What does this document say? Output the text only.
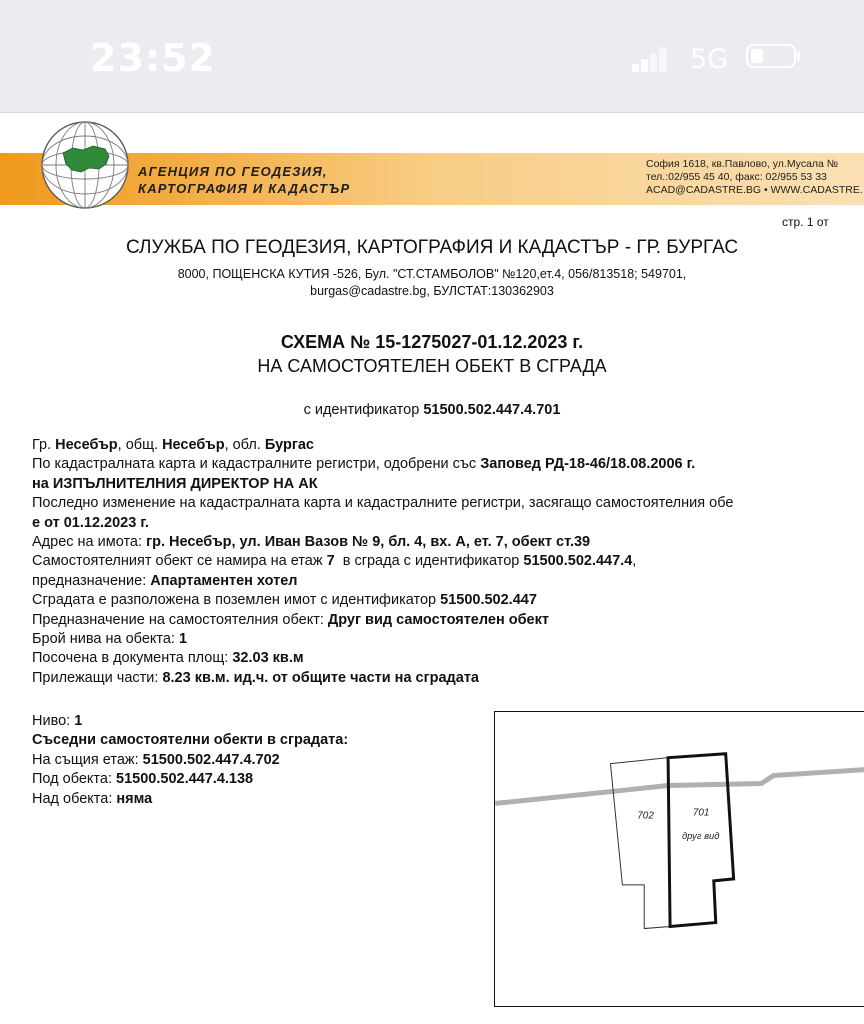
23:52	5G
АГЕНЦИЯ ПО ГЕОДЕЗИЯ,
КАРТОГРАФИЯ И КАДАСТЪР
София 1618, кв.Павлово, ул.Мусала №
тел.:02/955 45 40, факс: 02/955 53 33
ACAD@CADASTRE.BG • WWW.CADASTRE.
стр. 1 от
СЛУЖБА ПО ГЕОДЕЗИЯ, КАРТОГРАФИЯ И КАДАСТЪР - ГР. БУРГАС
8000, ПОЩЕНСКА КУТИЯ -526, Бул. "СТ.СТАМБОЛОВ" №120,ет.4, 056/813518; 549701,
burgas@cadastre.bg, БУЛСТАТ:130362903
СХЕМА № 15-1275027-01.12.2023 г.
НА САМОСТОЯТЕЛЕН ОБЕКТ В СГРАДА
с идентификатор 51500.502.447.4.701

Гр. Несебър, общ. Несебър, обл. Бургас

По кадастралната карта и кадастралните регистри, одобрени със Заповед РД-18-46/18.08.2006 г.

на ИЗПЪЛНИТЕЛНИЯ ДИРЕКТОР НА АК

Последно изменение на кадастралната карта и кадастралните регистри, засягащо самостоятелния обе

е от 01.12.2023 г.

Адрес на имота: гр. Несебър, ул. Иван Вазов № 9, бл. 4, вх. А, ет. 7, обект ст.39

Самостоятелният обект се намира на етаж 7 в сграда с идентификатор 51500.502.447.4,

предназначение: Апартаментен хотел

Сградата е разположена в поземлен имот с идентификатор 51500.502.447

Предназначение на самостоятелния обект: Друг вид самостоятелен обект

Брой нива на обекта: 1

Посочена в документа площ: 32.03 кв.м

Прилежащи части: 8.23 кв.м. ид.ч. от общите части на сградата

Ниво: 1

Съседни самостоятелни обекти в сградата:

На същия етаж: 51500.502.447.4.702

Под обекта: 51500.502.447.4.138

Над обекта: няма

702	701
друг вид
